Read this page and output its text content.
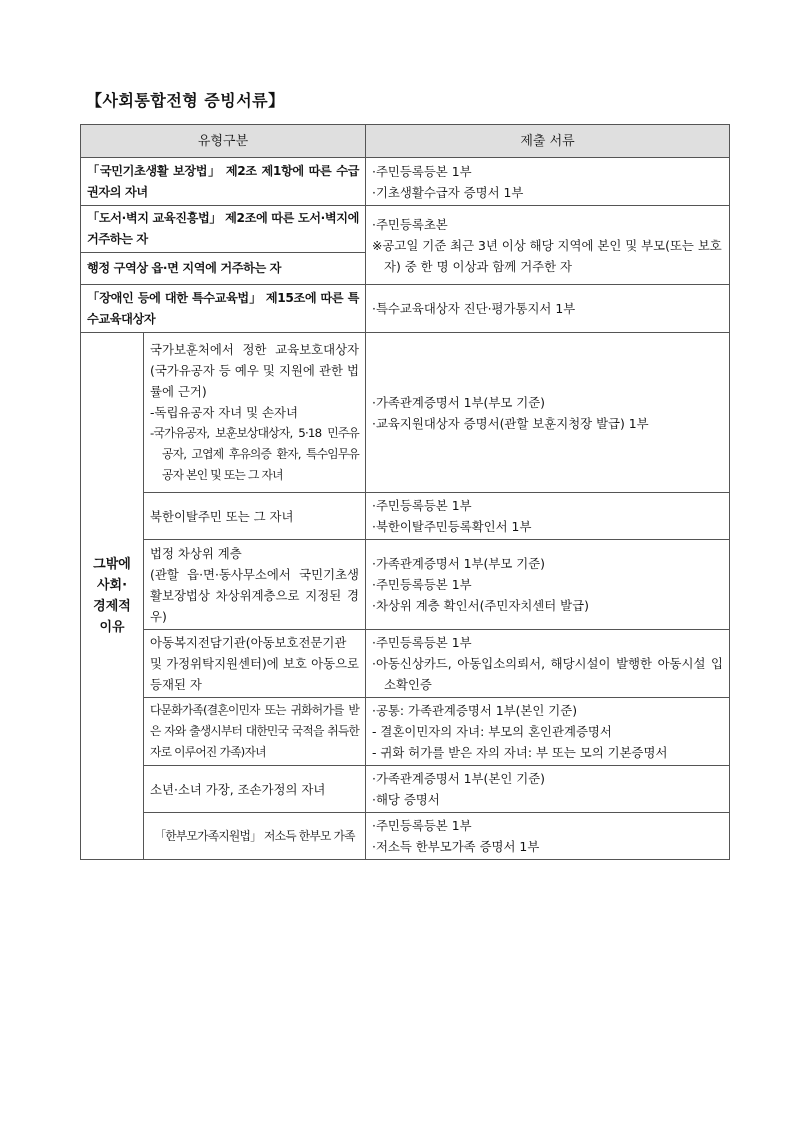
【사회통합전형 증빙서류】
유형구분		제출 서류
「국민기초생활 보장법」 제2조 제1항에 따른 수급권자의 자녀		·주민등록등본 1부
·기초생활수급자 증명서 1부

「도서·벽지 교육진흥법」 제2조에 따른 도서·벽지에 거주하는 자		·주민등록초본
※공고일 기준 최근 3년 이상 해당 지역에 본인 및 부모(또는 보호자) 중 한 명 이상과 함께 거주한 자

행정 구역상 읍·면 지역에 거주하는 자		
「장애인 등에 대한 특수교육법」 제15조에 따른 특수교육대상자		·특수교육대상자 진단·평가통지서 1부

그밖에
사회·
경제적
이유	국가보훈처에서 정한 교육보호대상자(국가유공자 등 예우 및 지원에 관한 법률에 근거)
-독립유공자 자녀 및 손자녀
-국가유공자, 보훈보상대상자, 5·18 민주유공자, 고엽제 후유의증 환자, 특수임무유공자 본인 및 또는 그 자녀	·가족관계증명서 1부(부모 기준)
·교육지원대상자 증명서(관할 보훈지청장 발급) 1부

	북한이탈주민 또는 그 자녀	·주민등록등본 1부
·북한이탈주민등록확인서 1부

	법정 차상위 계층
(관할 읍·면·동사무소에서 국민기초생활보장법상 차상위계층으로 지정된 경우)	·가족관계증명서 1부(부모 기준)
·주민등록등본 1부
·차상위 계층 확인서(주민자치센터 발급)

	아동복지전담기관(아동보호전문기관 및 가정위탁지원센터)에 보호 아동으로 등재된 자	·주민등록등본 1부
·아동신상카드, 아동입소의뢰서, 해당시설이 발행한 아동시설 입소확인증

	다문화가족(결혼이민자 또는 귀화허가를 받은 자와 출생시부터 대한민국 국적을 취득한 자로 이루어진 가족)자녀	·공통: 가족관계증명서 1부(본인 기준)
- 결혼이민자의 자녀: 부모의 혼인관계증명서
- 귀화 허가를 받은 자의 자녀: 부 또는 모의 기본증명서

	소년·소녀 가장, 조손가정의 자녀	·가족관계증명서 1부(본인 기준)
·해당 증명서

	「한부모가족지원법」 저소득 한부모 가족	·주민등록등본 1부
·저소득 한부모가족 증명서 1부
